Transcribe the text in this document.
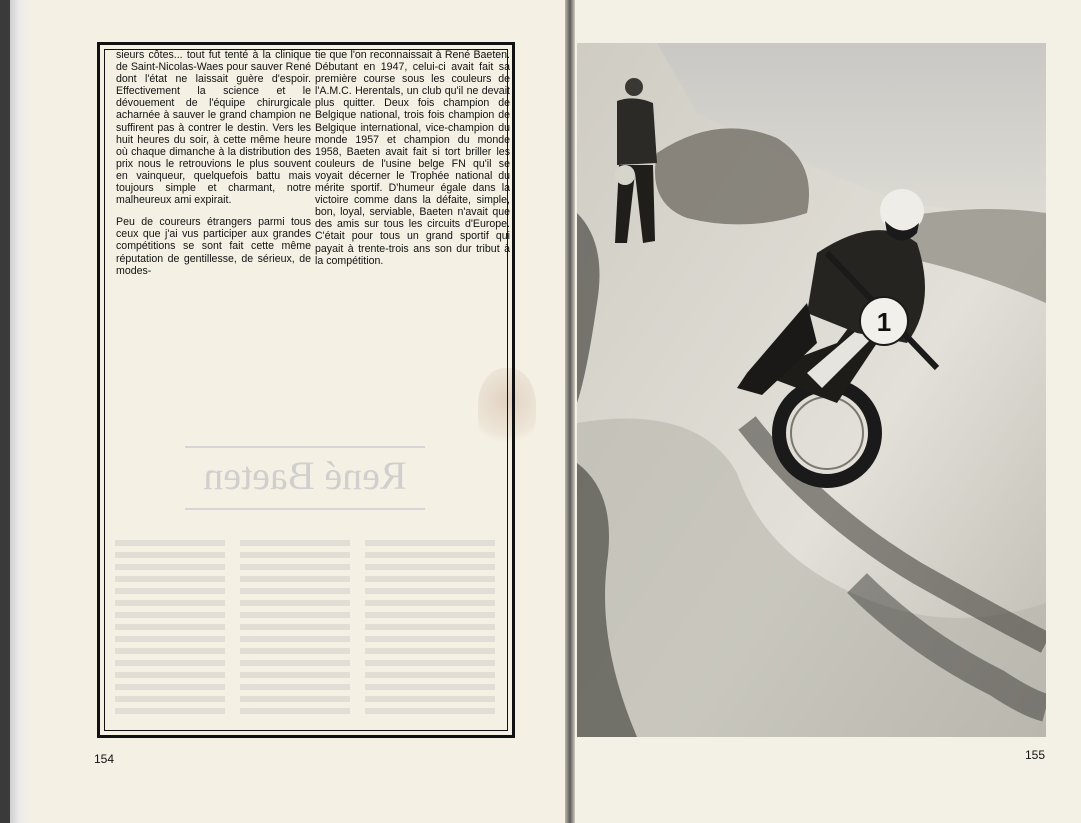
René Baeten

sieurs côtes... tout fut tenté à la clinique de Saint-Nicolas-Waes pour sauver René dont l'état ne laissait guère d'espoir. Effectivement la science et le dévouement de l'équipe chirurgicale acharnée à sauver le grand champion ne suffirent pas à contrer le destin. Vers les huit heures du soir, à cette même heure où chaque dimanche à la distribution des prix nous le retrouvions le plus souvent en vainqueur, quelquefois battu mais toujours simple et charmant, notre malheureux ami expirait.

Peu de coureurs étrangers parmi tous ceux que j'ai vus participer aux grandes compétitions se sont fait cette même réputation de gentillesse, de sérieux, de modes-

tie que l'on reconnaissait à René Baeten. Débutant en 1947, celui-ci avait fait sa première course sous les couleurs de l'A.M.C. Herentals, un club qu'il ne devait plus quitter. Deux fois champion de Belgique national, trois fois champion de Belgique international, vice-champion du monde 1957 et champion du monde 1958, Baeten avait fait si tort briller les couleurs de l'usine belge FN qu'il se voyait décerner le Trophée national du mérite sportif. D'humeur égale dans la victoire comme dans la défaite, simple, bon, loyal, serviable, Baeten n'avait que des amis sur tous les circuits d'Europe. C'était pour tous un grand sportif qui payait à trente-trois ans son dur tribut à la compétition.

154
1
155
